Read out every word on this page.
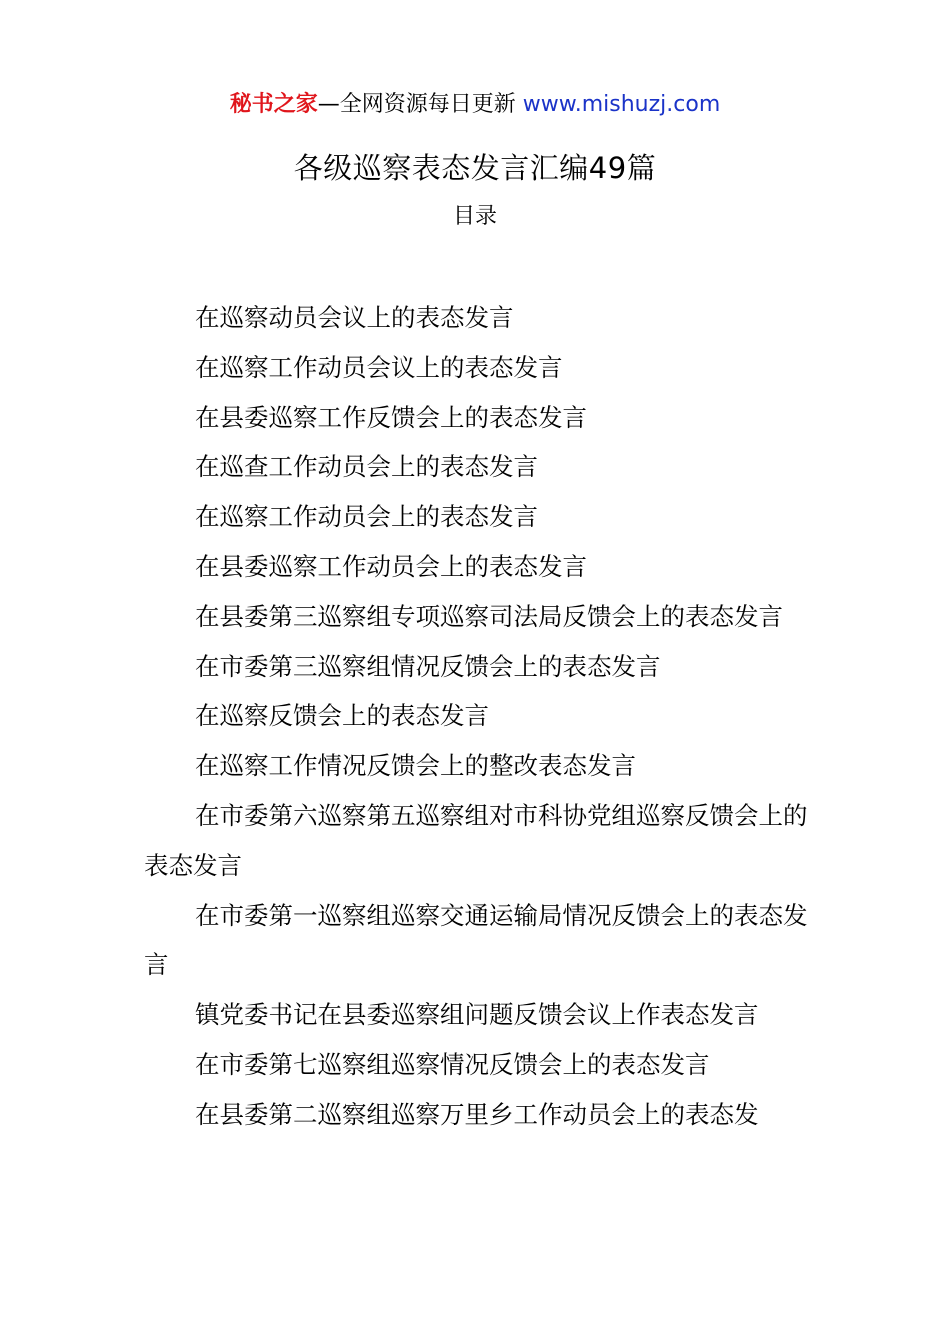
秘书之家—全网资源每日更新 www.mishuzj.com
各级巡察表态发言汇编49篇
目录
在巡察动员会议上的表态发言
在巡察工作动员会议上的表态发言
在县委巡察工作反馈会上的表态发言
在巡查工作动员会上的表态发言
在巡察工作动员会上的表态发言
在县委巡察工作动员会上的表态发言
在县委第三巡察组专项巡察司法局反馈会上的表态发言
在市委第三巡察组情况反馈会上的表态发言
在巡察反馈会上的表态发言
在巡察工作情况反馈会上的整改表态发言
在市委第六巡察第五巡察组对市科协党组巡察反馈会上的表态发言
在市委第一巡察组巡察交通运输局情况反馈会上的表态发言
镇党委书记在县委巡察组问题反馈会议上作表态发言
在市委第七巡察组巡察情况反馈会上的表态发言
在县委第二巡察组巡察万里乡工作动员会上的表态发
